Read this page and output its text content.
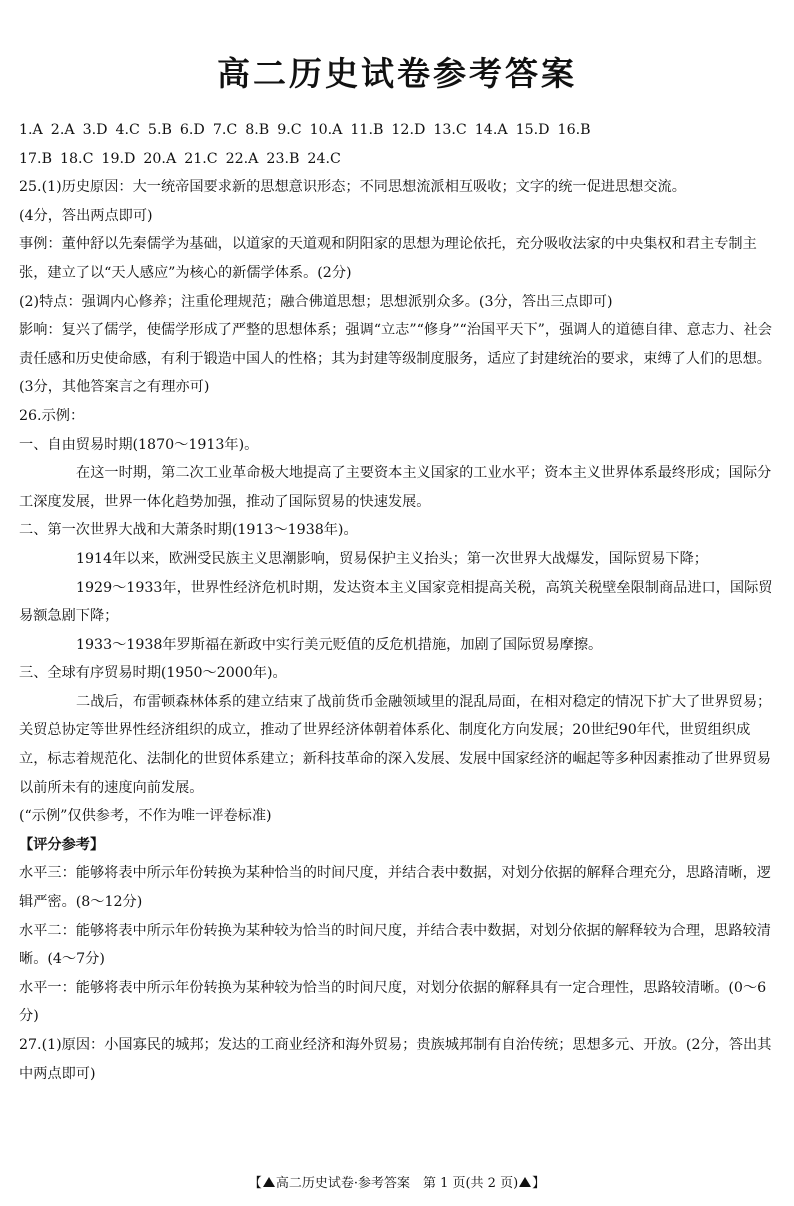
高二历史试卷参考答案

1.A 2.A 3.D 4.C 5.B 6.D 7.C 8.B 9.C 10.A 11.B 12.D 13.C 14.A 15.D 16.B

17.B 18.C 19.D 20.A 21.C 22.A 23.B 24.C

25.(1)历史原因：大一统帝国要求新的思想意识形态；不同思想流派相互吸收；文字的统一促进思想交流。

(4分，答出两点即可)

事例：董仲舒以先秦儒学为基础，以道家的天道观和阴阳家的思想为理论依托，充分吸收法家的中央集权和君主专制主张，建立了以“天人感应”为核心的新儒学体系。(2分)

(2)特点：强调内心修养；注重伦理规范；融合佛道思想；思想派别众多。(3分，答出三点即可)

影响：复兴了儒学，使儒学形成了严整的思想体系；强调“立志”“修身”“治国平天下”，强调人的道德自律、意志力、社会责任感和历史使命感，有利于锻造中国人的性格；其为封建等级制度服务，适应了封建统治的要求，束缚了人们的思想。(3分，其他答案言之有理亦可)

26.示例：

一、自由贸易时期(1870～1913年)。

在这一时期，第二次工业革命极大地提高了主要资本主义国家的工业水平；资本主义世界体系最终形成；国际分工深度发展，世界一体化趋势加强，推动了国际贸易的快速发展。

二、第一次世界大战和大萧条时期(1913～1938年)。

1914年以来，欧洲受民族主义思潮影响，贸易保护主义抬头；第一次世界大战爆发，国际贸易下降；

1929～1933年，世界性经济危机时期，发达资本主义国家竞相提高关税，高筑关税壁垒限制商品进口，国际贸易额急剧下降；

1933～1938年罗斯福在新政中实行美元贬值的反危机措施，加剧了国际贸易摩擦。

三、全球有序贸易时期(1950～2000年)。

二战后，布雷顿森林体系的建立结束了战前货币金融领域里的混乱局面，在相对稳定的情况下扩大了世界贸易；关贸总协定等世界性经济组织的成立，推动了世界经济体朝着体系化、制度化方向发展；20世纪90年代，世贸组织成立，标志着规范化、法制化的世贸体系建立；新科技革命的深入发展、发展中国家经济的崛起等多种因素推动了世界贸易以前所未有的速度向前发展。

(“示例”仅供参考，不作为唯一评卷标准)

【评分参考】

水平三：能够将表中所示年份转换为某种恰当的时间尺度，并结合表中数据，对划分依据的解释合理充分，思路清晰，逻辑严密。(8～12分)

水平二：能够将表中所示年份转换为某种较为恰当的时间尺度，并结合表中数据，对划分依据的解释较为合理，思路较清晰。(4～7分)

水平一：能够将表中所示年份转换为某种较为恰当的时间尺度，对划分依据的解释具有一定合理性，思路较清晰。(0～6分)

27.(1)原因：小国寡民的城邦；发达的工商业经济和海外贸易；贵族城邦制有自治传统；思想多元、开放。(2分，答出其中两点即可)

【 高二历史试卷·参考答案　第 1 页(共 2 页) 】
